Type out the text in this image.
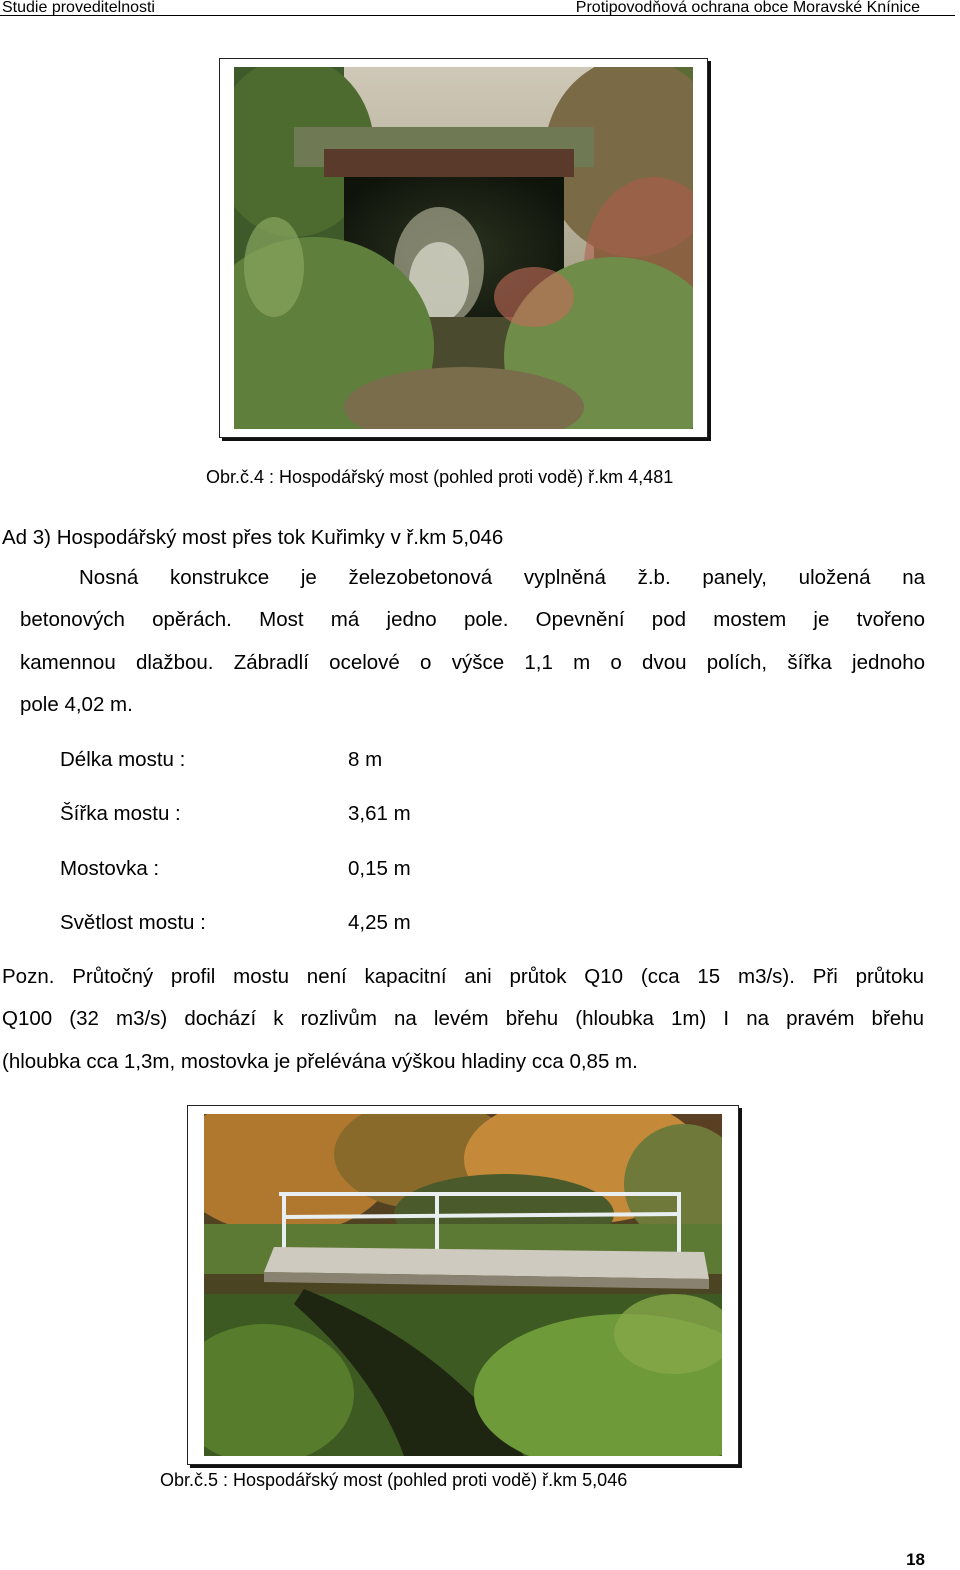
Studie proveditelnosti	Protipovodňová ochrana obce Moravské Knínice
Obr.č.4 : Hospodářský most (pohled proti vodě) ř.km 4,481
Ad 3) Hospodářský most přes tok Kuřimky v ř.km 5,046
Nosná konstrukce je železobetonová vyplněná ž.b. panely, uložená na
betonových opěrách. Most má jedno pole. Opevnění pod mostem je tvořeno
kamennou dlažbou. Zábradlí ocelové o výšce 1,1 m o dvou polích, šířka jednoho
pole 4,02 m.
Délka mostu :	8 m
Šířka mostu :	3,61 m
Mostovka :	0,15 m
Světlost mostu :	4,25 m
Pozn. Průtočný profil mostu není kapacitní ani průtok Q10 (cca 15 m3/s). Při průtoku
Q100 (32 m3/s) dochází k rozlivům na levém břehu (hloubka 1m) I na pravém břehu
(hloubka cca 1,3m, mostovka je přelévána výškou hladiny cca 0,85 m.
Obr.č.5 : Hospodářský most (pohled proti vodě) ř.km 5,046
18
